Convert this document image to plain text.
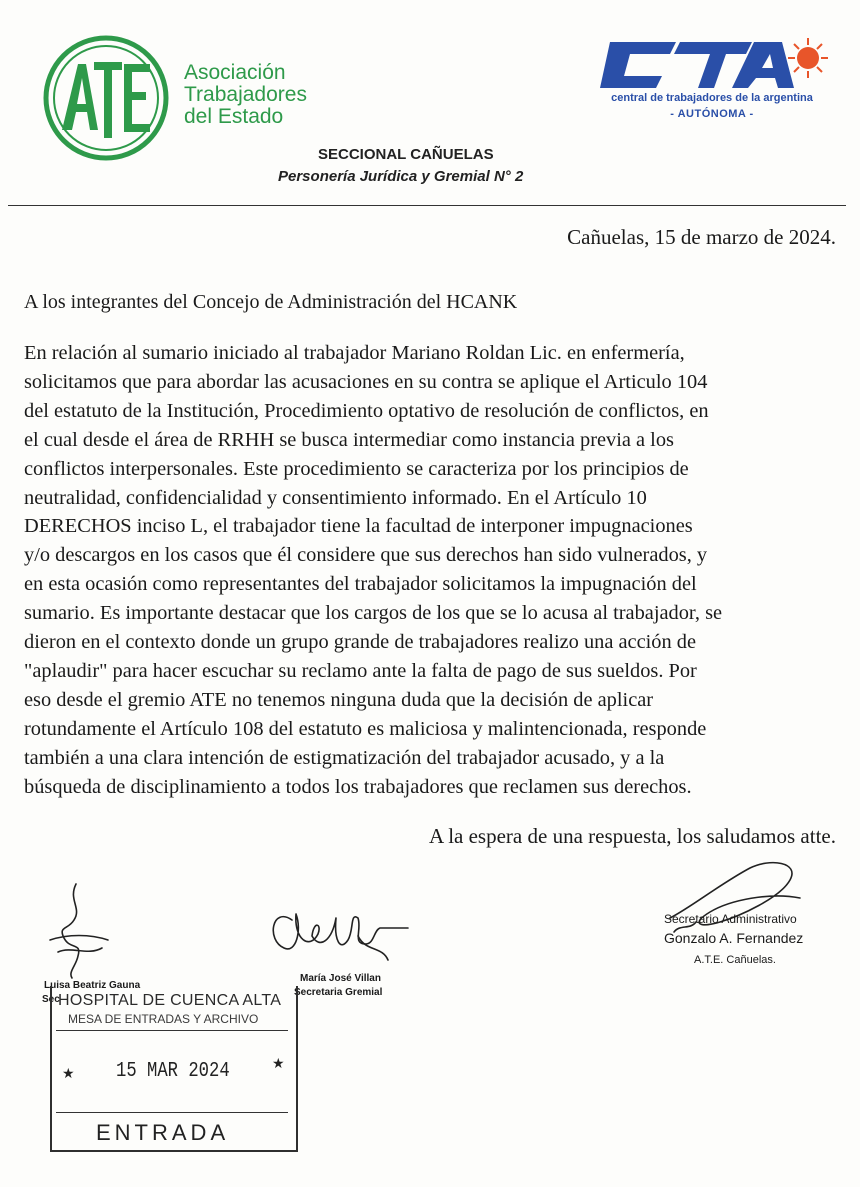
Asociación
Trabajadores
del Estado
central de trabajadores de la argentina
- AUTÓNOMA -
SECCIONAL CAÑUELAS
Personería Jurídica y Gremial N° 2
Cañuelas, 15 de marzo de 2024.
A los integrantes del Concejo de Administración del HCANK
En relación al sumario iniciado al trabajador Mariano Roldan Lic. en enfermería,
solicitamos que para abordar las acusaciones en su contra se aplique el Articulo 104
del estatuto de la Institución, Procedimiento optativo de resolución de conflictos, en
el cual desde el área de RRHH se busca intermediar como instancia previa a los
conflictos interpersonales. Este procedimiento se caracteriza por los principios de
neutralidad, confidencialidad y consentimiento informado. En el Artículo 10
DERECHOS inciso L, el trabajador tiene la facultad de interponer impugnaciones
y/o descargos en los casos que él considere que sus derechos han sido vulnerados, y
en esta ocasión como representantes del trabajador solicitamos la impugnación del
sumario. Es importante destacar que los cargos de los que se lo acusa al trabajador, se
dieron en el contexto donde un grupo grande de trabajadores realizo una acción de
"aplaudir" para hacer escuchar su reclamo ante la falta de pago de sus sueldos. Por
eso desde el gremio ATE no tenemos ninguna duda que la decisión de aplicar
rotundamente el Artículo 108 del estatuto es maliciosa y malintencionada, responde
también a una clara intención de estigmatización del trabajador acusado, y a la
búsqueda de disciplinamiento a todos los trabajadores que reclamen sus derechos.
A la espera de una respuesta, los saludamos atte.
Luisa Beatriz Gauna
Sec
María José Villan
Secretaria Gremial
Secretario Administrativo
Gonzalo A. Fernandez
A.T.E. Cañuelas.
HOSPITAL DE CUENCA ALTA
MESA DE ENTRADAS Y ARCHIVO
★ 15 MAR 2024	★
ENTRADA
